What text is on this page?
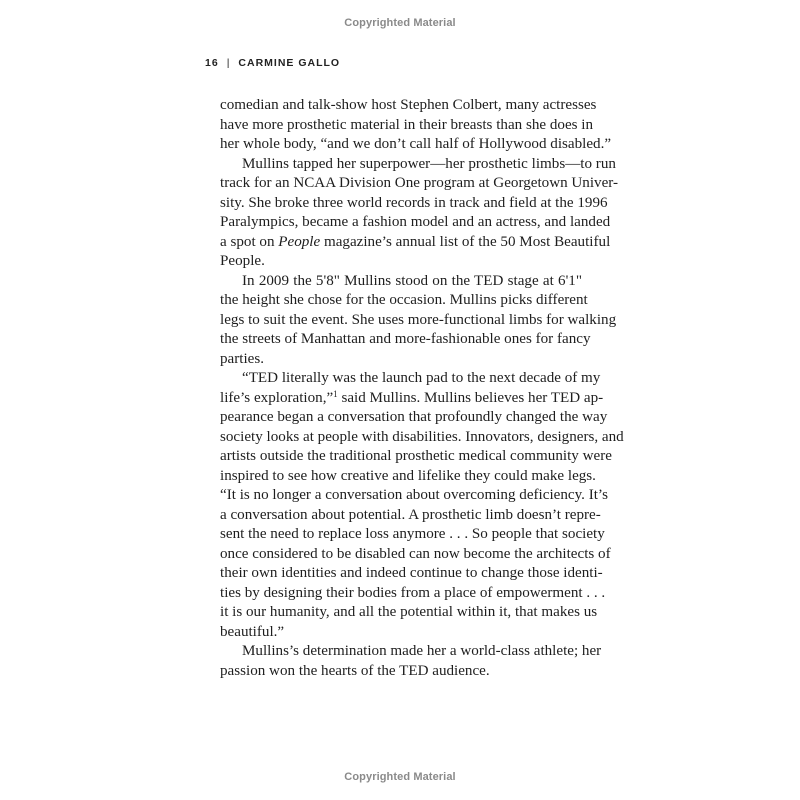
Copyrighted Material
16 | CARMINE GALLO
comedian and talk-show host Stephen Colbert, many actresses
have more prosthetic material in their breasts than she does in
her whole body, “and we don’t call half of Hollywood disabled.”
Mullins tapped her superpower—her prosthetic limbs—to run
track for an NCAA Division One program at Georgetown Univer-
sity. She broke three world records in track and field at the 1996
Paralympics, became a fashion model and an actress, and landed
a spot on People magazine’s annual list of the 50 Most Beautiful
People.
In 2009 the 5'8" Mullins stood on the TED stage at 6'1"
the height she chose for the occasion. Mullins picks different
legs to suit the event. She uses more-functional limbs for walking
the streets of Manhattan and more-fashionable ones for fancy
parties.
“TED literally was the launch pad to the next decade of my
life’s exploration,”$^1$ said Mullins. Mullins believes her TED ap-
pearance began a conversation that profoundly changed the way
society looks at people with disabilities. Innovators, designers, and
artists outside the traditional prosthetic medical community were
inspired to see how creative and lifelike they could make legs.
“It is no longer a conversation about overcoming deficiency. It’s
a conversation about potential. A prosthetic limb doesn’t repre-
sent the need to replace loss anymore . . . So people that society
once considered to be disabled can now become the architects of
their own identities and indeed continue to change those identi-
ties by designing their bodies from a place of empowerment . . .
it is our humanity, and all the potential within it, that makes us
beautiful.”
Mullins’s determination made her a world-class athlete; her
passion won the hearts of the TED audience.
Copyrighted Material
